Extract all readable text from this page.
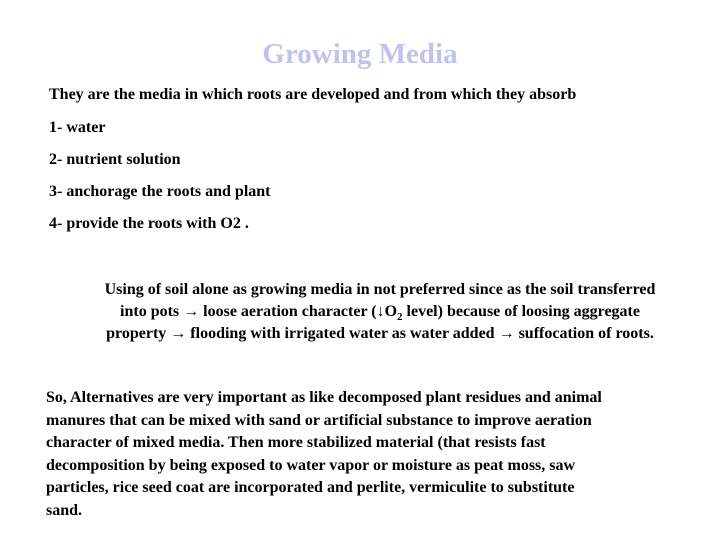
Growing Media
They are the media in which roots are developed and from which they absorb
1- water
2- nutrient solution
3- anchorage the roots and plant
4- provide the roots with O2 .
Using of soil alone as growing media in not preferred since as the soil transferred
into pots → loose aeration character ($↓O_2$ level) because of loosing aggregate
property → flooding with irrigated water as water added → suffocation of roots.
So, Alternatives are very important as like decomposed plant residues and animal
manures that can be mixed with sand or artificial substance to improve aeration
character of mixed media. Then more stabilized material (that resists fast
decomposition by being exposed to water vapor or moisture as peat moss, saw
particles, rice seed coat are incorporated and perlite, vermiculite to substitute
sand.
